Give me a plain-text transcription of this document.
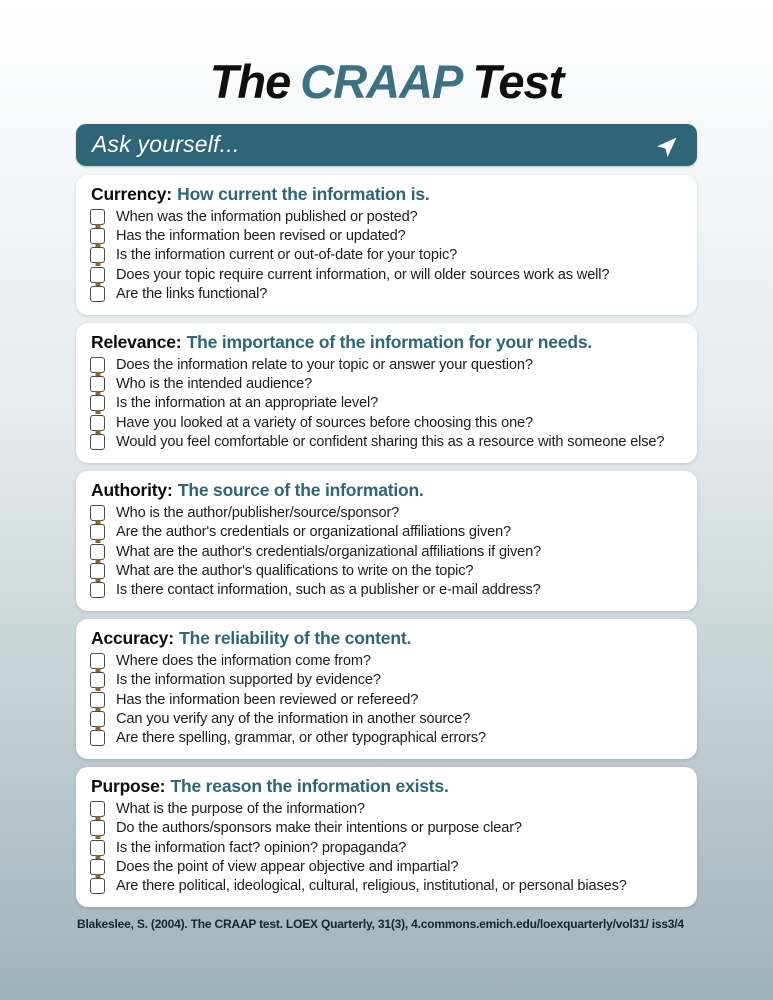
The CRAAP Test
Ask yourself...
Currency: How current the information is.
When was the information published or posted?
Has the information been revised or updated?
Is the information current or out-of-date for your topic?
Does your topic require current information, or will older sources work as well?
Are the links functional?
Relevance: The importance of the information for your needs.
Does the information relate to your topic or answer your question?
Who is the intended audience?
Is the information at an appropriate level?
Have you looked at a variety of sources before choosing this one?
Would you feel comfortable or confident sharing this as a resource with someone else?
Authority: The source of the information.
Who is the author/publisher/source/sponsor?
Are the author's credentials or organizational affiliations given?
What are the author's credentials/organizational affiliations if given?
What are the author's qualifications to write on the topic?
Is there contact information, such as a publisher or e-mail address?
Accuracy: The reliability of the content.
Where does the information come from?
Is the information supported by evidence?
Has the information been reviewed or refereed?
Can you verify any of the information in another source?
Are there spelling, grammar, or other typographical errors?
Purpose: The reason the information exists.
What is the purpose of the information?
Do the authors/sponsors make their intentions or purpose clear?
Is the information fact? opinion? propaganda?
Does the point of view appear objective and impartial?
Are there political, ideological, cultural, religious, institutional, or personal biases?
Blakeslee, S. (2004). The CRAAP test. LOEX Quarterly, 31(3), 4.commons.emich.edu/loexquarterly/vol31/ iss3/4
